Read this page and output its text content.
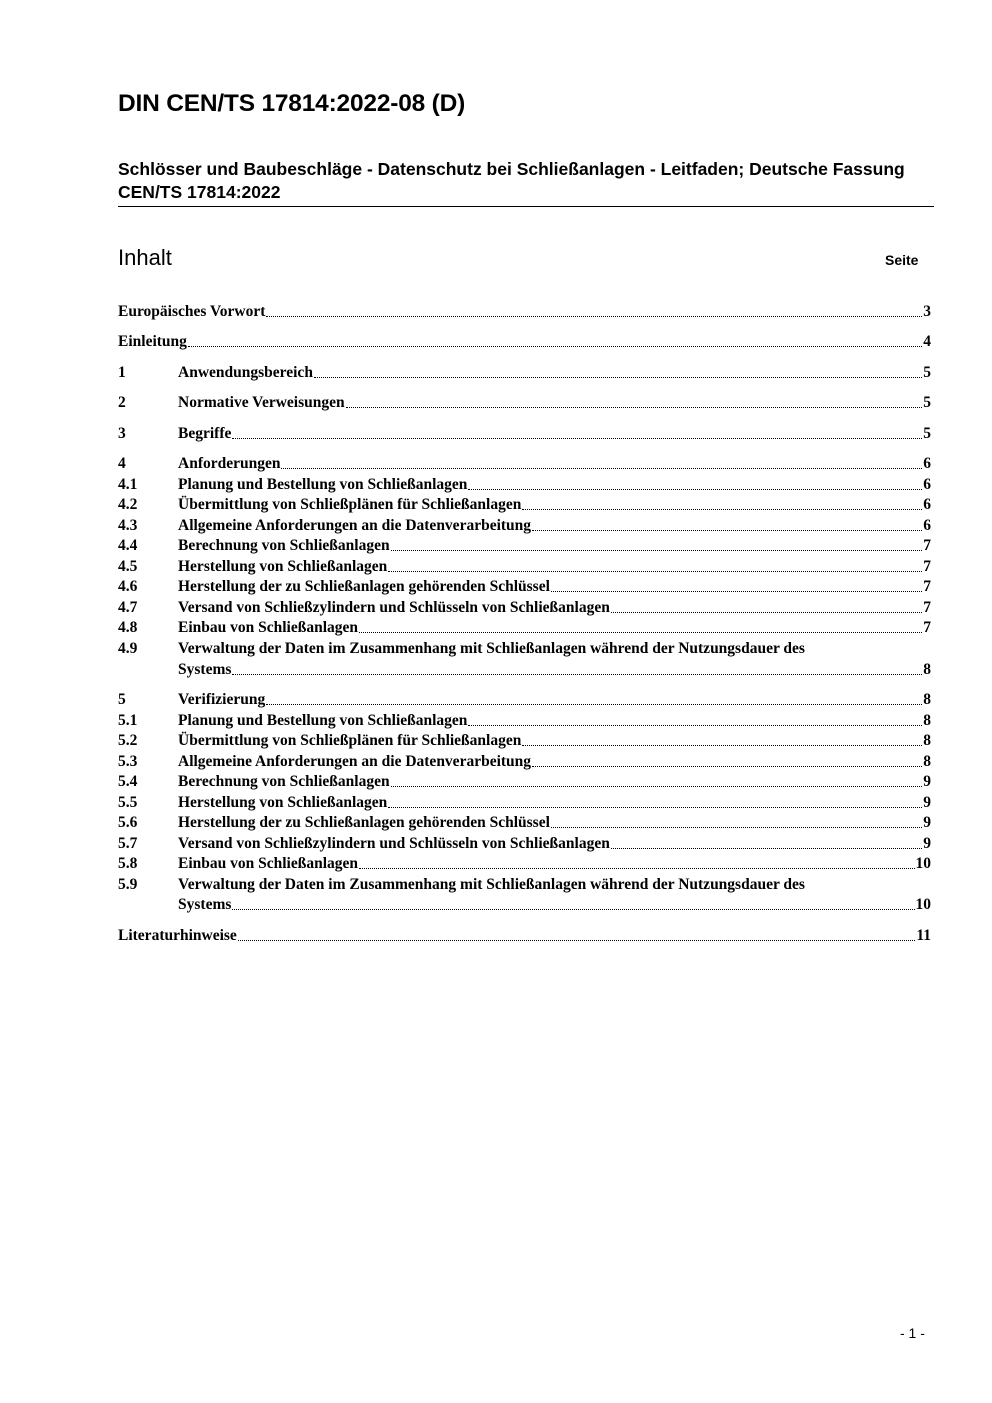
DIN CEN/TS 17814:2022-08 (D)
Schlösser und Baubeschläge - Datenschutz bei Schließanlagen - Leitfaden; Deutsche Fassung CEN/TS 17814:2022
Inhalt	Seite
Europäisches Vorwort	3
Einleitung	4
1	Anwendungsbereich	5
2	Normative Verweisungen	5
3	Begriffe	5
4	Anforderungen	6
4.1	Planung und Bestellung von Schließanlagen	6
4.2	Übermittlung von Schließplänen für Schließanlagen	6
4.3	Allgemeine Anforderungen an die Datenverarbeitung	6
4.4	Berechnung von Schließanlagen	7
4.5	Herstellung von Schließanlagen	7
4.6	Herstellung der zu Schließanlagen gehörenden Schlüssel	7
4.7	Versand von Schließzylindern und Schlüsseln von Schließanlagen	7
4.8	Einbau von Schließanlagen	7
4.9	Verwaltung der Daten im Zusammenhang mit Schließanlagen während der Nutzungsdauer des
Systems	8
5	Verifizierung	8
5.1	Planung und Bestellung von Schließanlagen	8
5.2	Übermittlung von Schließplänen für Schließanlagen	8
5.3	Allgemeine Anforderungen an die Datenverarbeitung	8
5.4	Berechnung von Schließanlagen	9
5.5	Herstellung von Schließanlagen	9
5.6	Herstellung der zu Schließanlagen gehörenden Schlüssel	9
5.7	Versand von Schließzylindern und Schlüsseln von Schließanlagen	9
5.8	Einbau von Schließanlagen	10
5.9	Verwaltung der Daten im Zusammenhang mit Schließanlagen während der Nutzungsdauer des
Systems	10
Literaturhinweise	11
- 1 -
